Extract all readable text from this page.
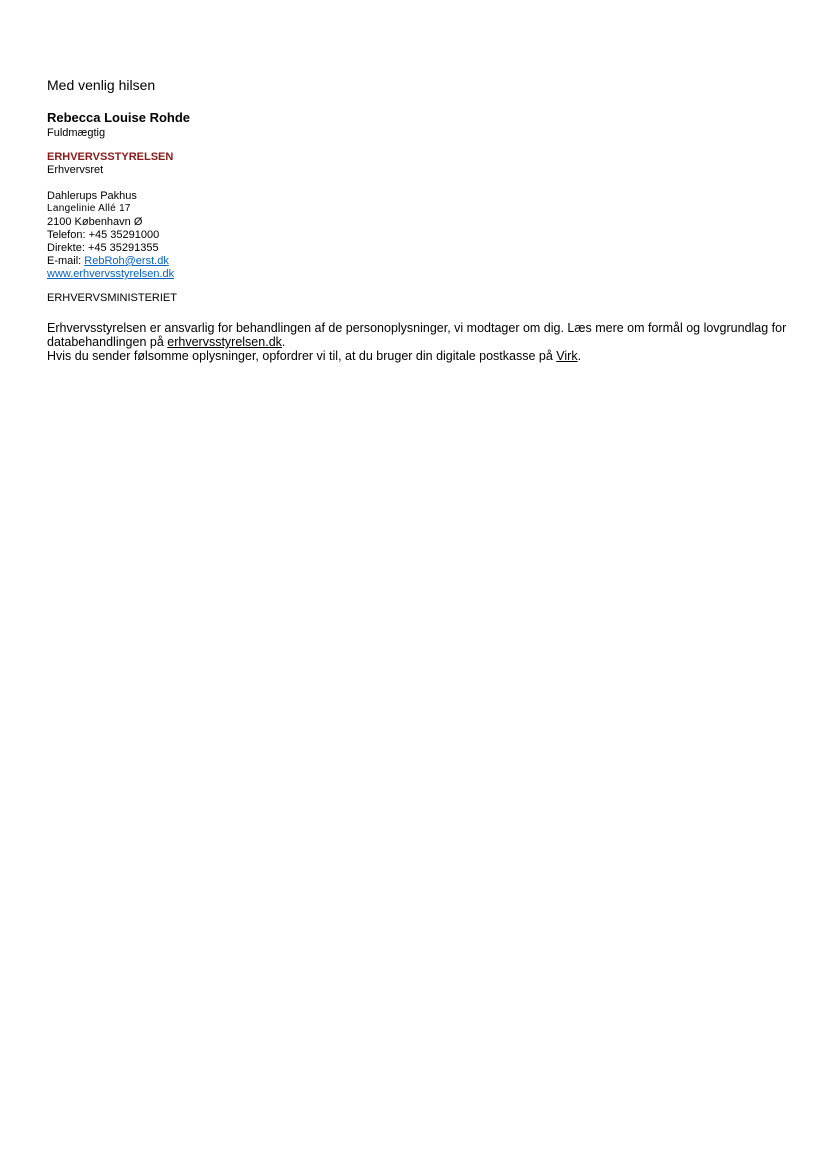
Med venlig hilsen
Rebecca Louise Rohde
Fuldmægtig
ERHVERVSSTYRELSEN
Erhvervsret
Dahlerups Pakhus
Langelinie Allé 17
2100 København Ø
Telefon: +45 35291000
Direkte: +45 35291355
E-mail: RebRoh@erst.dk
www.erhvervsstyrelsen.dk
ERHVERVSMINISTERIET
Erhvervsstyrelsen er ansvarlig for behandlingen af de personoplysninger, vi modtager om dig. Læs mere om formål og lovgrundlag for databehandlingen på erhvervsstyrelsen.dk.
Hvis du sender følsomme oplysninger, opfordrer vi til, at du bruger din digitale postkasse på Virk.
